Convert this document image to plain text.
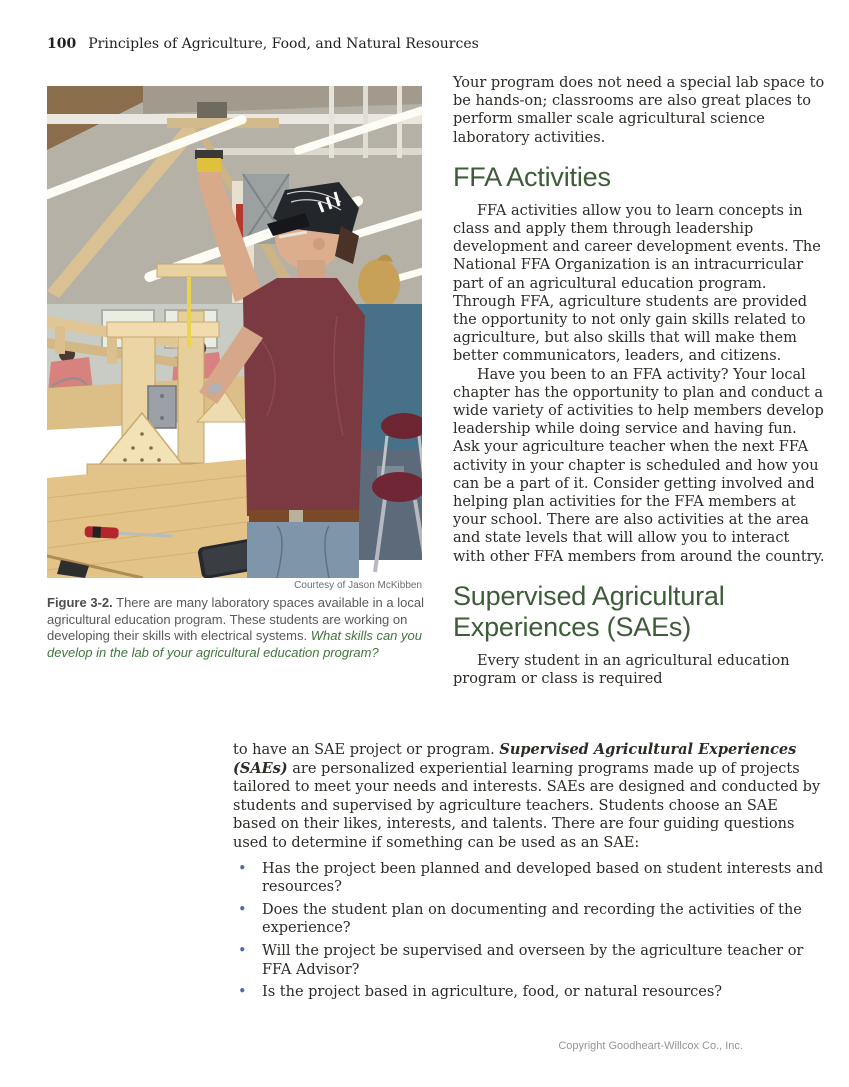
100 Principles of Agriculture, Food, and Natural Resources
Courtesy of Jason McKibben
Figure 3-2. There are many laboratory spaces available in a local agricultural education program. These students are working on developing their skills with electrical systems. What skills can you develop in the lab of your agricultural education program?

Your program does not need a special lab space to be hands-on; classrooms are also great places to perform smaller scale agricultural science laboratory activities.

FFA Activities

FFA activities allow you to learn concepts in class and apply them through leadership development and career development events. The National FFA Organization is an intracurricular part of an agricultural education program. Through FFA, agriculture students are provided the opportunity to not only gain skills related to agriculture, but also skills that will make them better communicators, leaders, and citizens.

Have you been to an FFA activity? Your local chapter has the opportunity to plan and conduct a wide variety of activities to help members develop leadership while doing service and having fun. Ask your agriculture teacher when the next FFA activity in your chapter is scheduled and how you can be a part of it. Consider getting involved and helping plan activities for the FFA members at your school. There are also activities at the area and state levels that will allow you to interact with other FFA members from around the country.

Supervised Agricultural Experiences (SAEs)

Every student in an agricultural education program or class is required

to have an SAE project or program. Supervised Agricultural Experiences (SAEs) are personalized experiential learning programs made up of projects tailored to meet your needs and interests. SAEs are designed and conducted by students and supervised by agriculture teachers. Students choose an SAE based on their likes, interests, and talents. There are four guiding questions used to determine if something can be used as an SAE:

• Has the project been planned and developed based on student interests and resources?
• Does the student plan on documenting and recording the activities of the experience?
• Will the project be supervised and overseen by the agriculture teacher or FFA Advisor?
• Is the project based in agriculture, food, or natural resources?
Copyright Goodheart-Willcox Co., Inc.
